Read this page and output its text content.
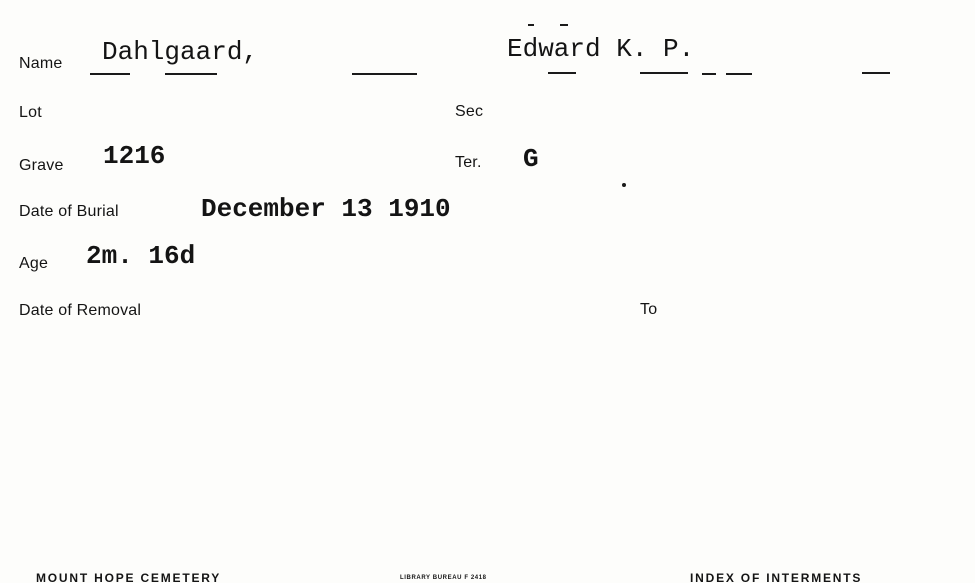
Name Dahlgaard,	Edward K. P.
Lot	Sec
Grave 1216	Ter. G
Date of Burial	December 13 1910
Age 2m. 16d
Date of Removal	To
MOUNT HOPE CEMETERY	LIBRARY BUREAU F 2418	INDEX OF INTERMENTS
